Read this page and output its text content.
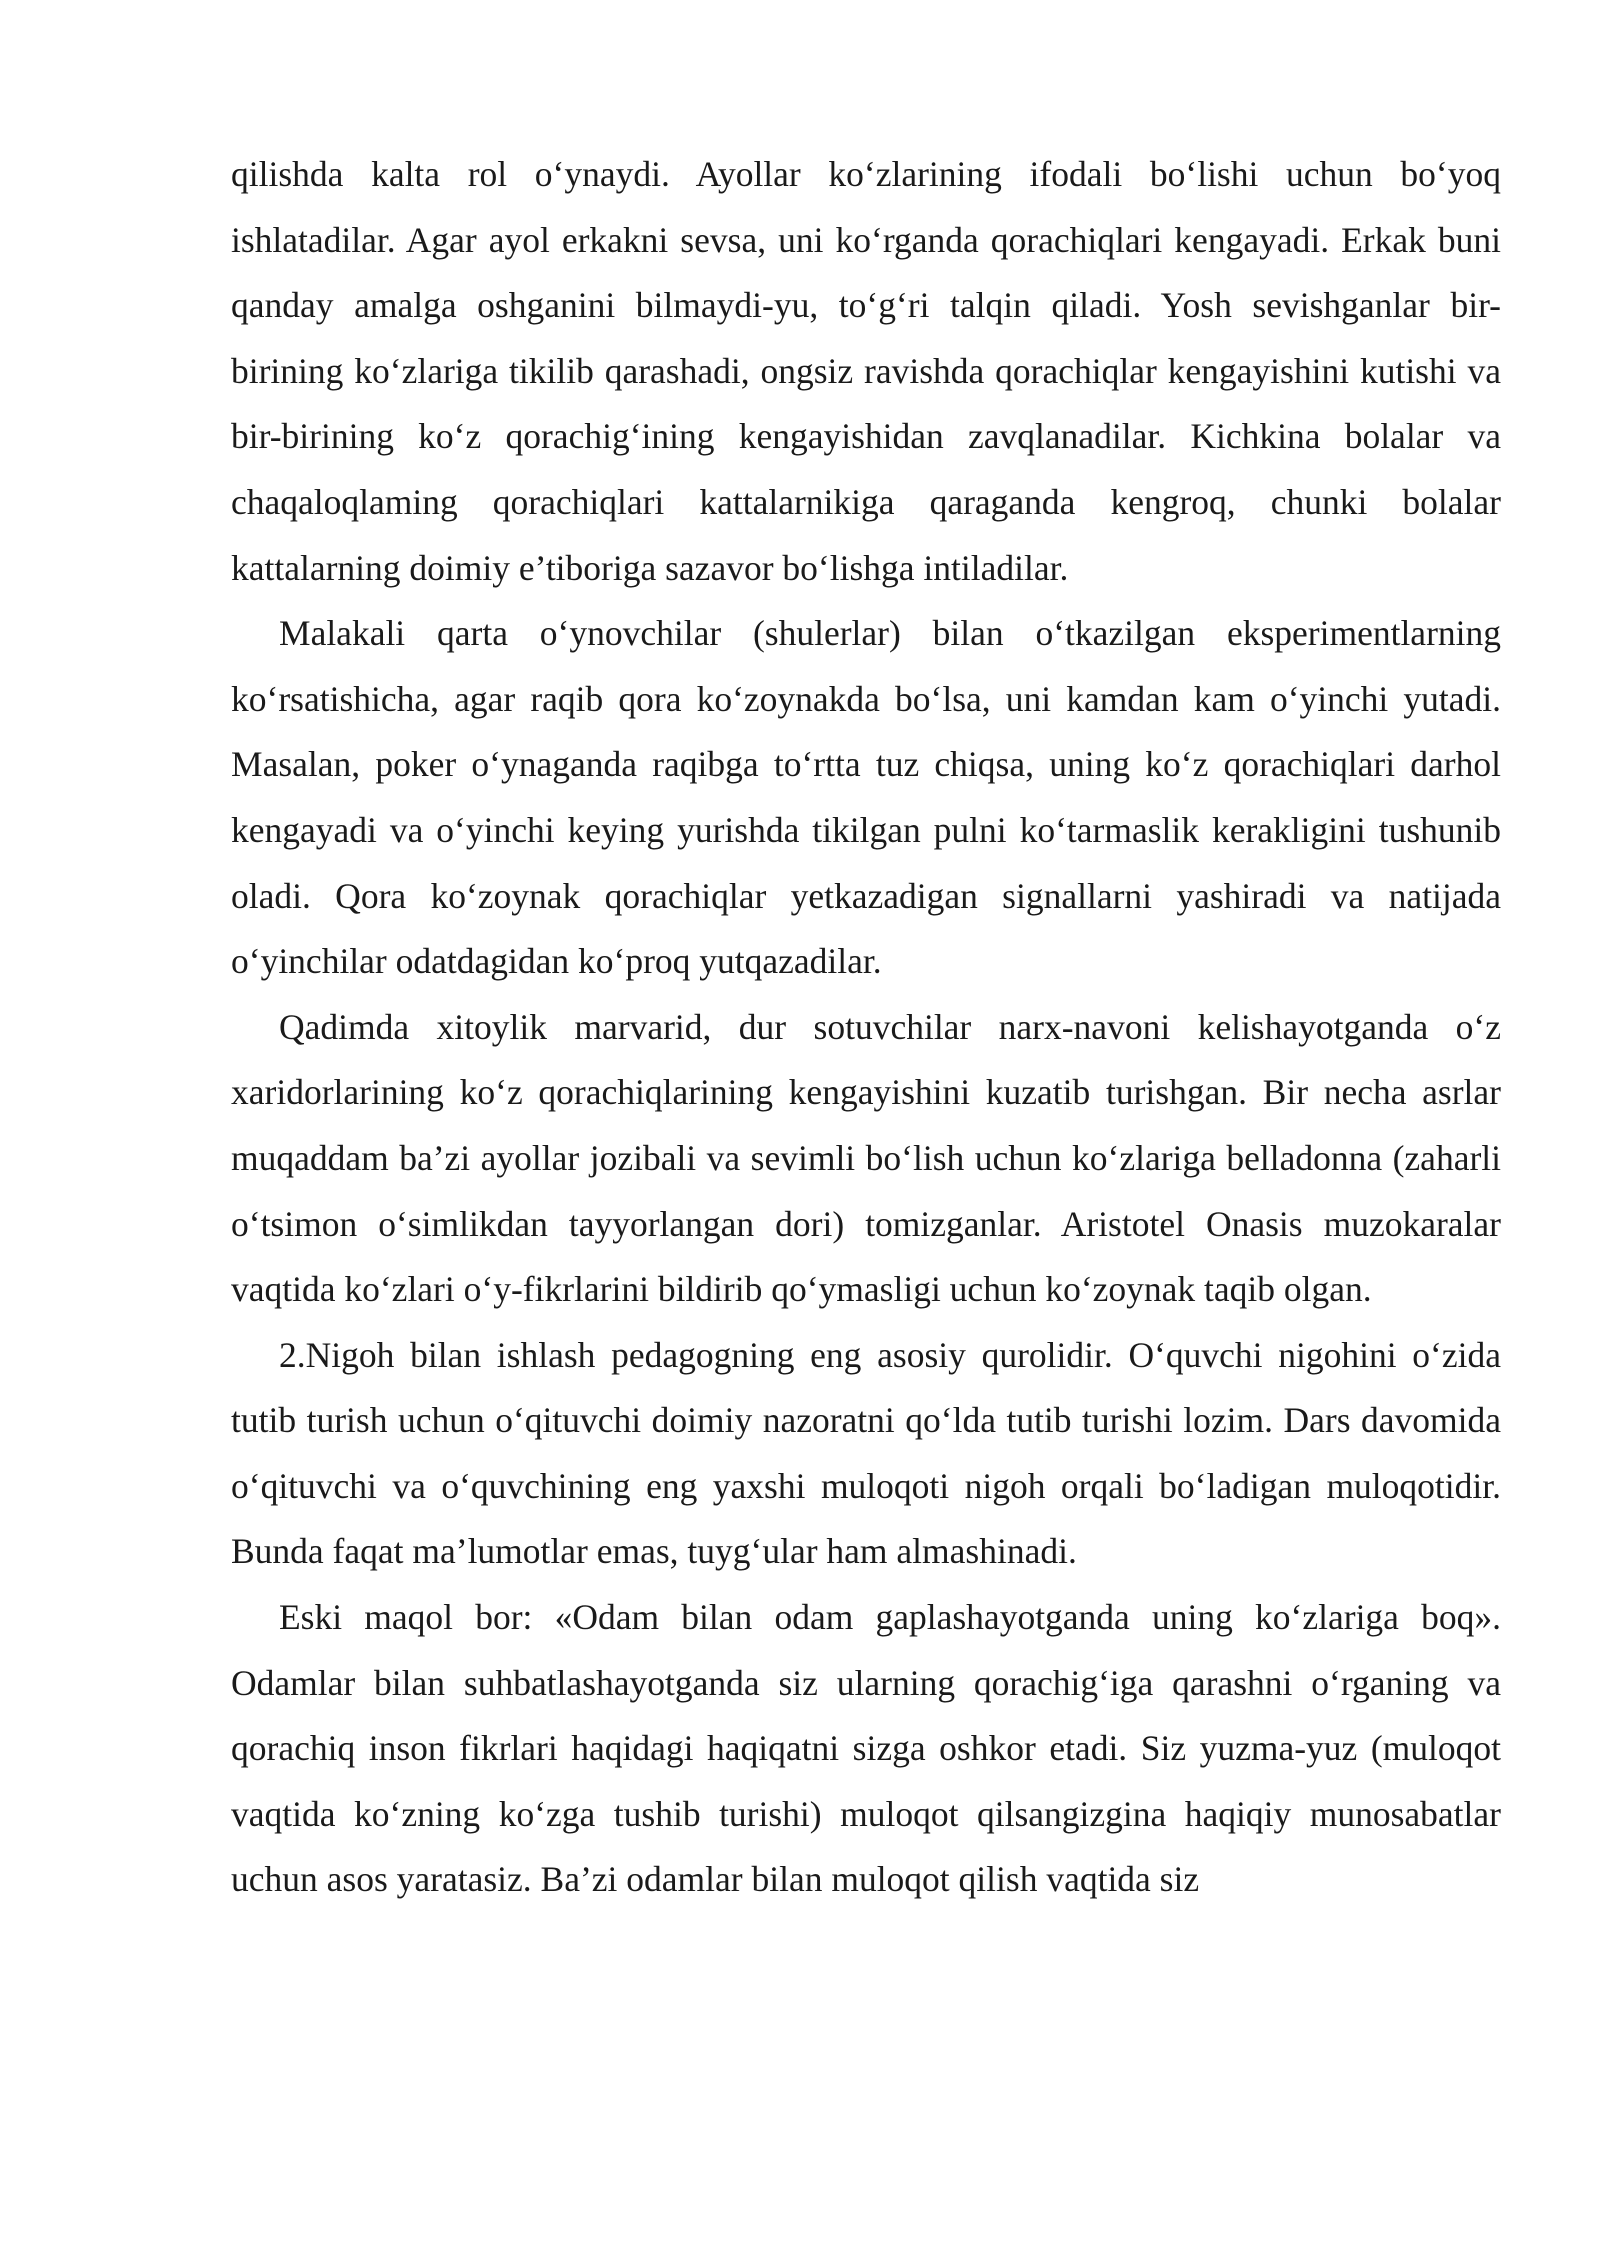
qilishda kalta rol o‘ynaydi. Ayollar ko‘zlarining ifodali bo‘lishi uchun bo‘yoq ishlatadilar. Agar ayol erkakni sevsa, uni ko‘rganda qorachiqlari kengayadi. Erkak buni qanday amalga oshganini bilmaydi-yu, to‘g‘ri talqin qiladi. Yosh sevishganlar bir-birining ko‘zlariga tikilib qarashadi, ongsiz ravishda qorachiqlar kengayishini kutishi va bir-birining ko‘z qorachig‘ining kengayishidan zavqlanadilar. Kichkina bolalar va chaqaloqlaming qorachiqlari kattalarnikiga qaraganda kengroq, chunki bolalar kattalarning doimiy e’tiboriga sazavor bo‘lishga intiladilar.

Malakali qarta o‘ynovchilar (shulerlar) bilan o‘tkazilgan eksperimentlarning ko‘rsatishicha, agar raqib qora ko‘zoynakda bo‘lsa, uni kamdan kam o‘yinchi yutadi. Masalan, poker o‘ynaganda raqibga to‘rtta tuz chiqsa, uning ko‘z qorachiqlari darhol kengayadi va o‘yinchi keying yurishda tikilgan pulni ko‘tarmaslik kerakligini tushunib oladi. Qora ko‘zoynak qorachiqlar yetkazadigan signallarni yashiradi va natijada o‘yinchilar odatdagidan ko‘proq yutqazadilar.

Qadimda xitoylik marvarid, dur sotuvchilar narx-navoni kelishayotganda o‘z xaridorlarining ko‘z qorachiqlarining kengayishini kuzatib turishgan. Bir necha asrlar muqaddam ba’zi ayollar jozibali va sevimli bo‘lish uchun ko‘zlariga belladonna (zaharli o‘tsimon o‘simlikdan tayyorlangan dori) tomizganlar. Aristotel Onasis muzokaralar vaqtida ko‘zlari o‘y-fikrlarini bildirib qo‘ymasligi uchun ko‘zoynak taqib olgan.

2.Nigoh bilan ishlash pedagogning eng asosiy qurolidir. O‘quvchi nigohini o‘zida tutib turish uchun o‘qituvchi doimiy nazoratni qo‘lda tutib turishi lozim. Dars davomida o‘qituvchi va o‘quvchining eng yaxshi muloqoti nigoh orqali bo‘ladigan muloqotidir. Bunda faqat ma’lumotlar emas, tuyg‘ular ham almashinadi.

Eski maqol bor: «Odam bilan odam gaplashayotganda uning ko‘zlariga boq». Odamlar bilan suhbatlashayotganda siz ularning qorachig‘iga qarashni o‘rganing va qorachiq inson fikrlari haqidagi haqiqatni sizga oshkor etadi. Siz yuzma-yuz (muloqot vaqtida ko‘zning ko‘zga tushib turishi) muloqot qilsangizgina haqiqiy munosabatlar uchun asos yaratasiz. Ba’zi odamlar bilan muloqot qilish vaqtida siz
